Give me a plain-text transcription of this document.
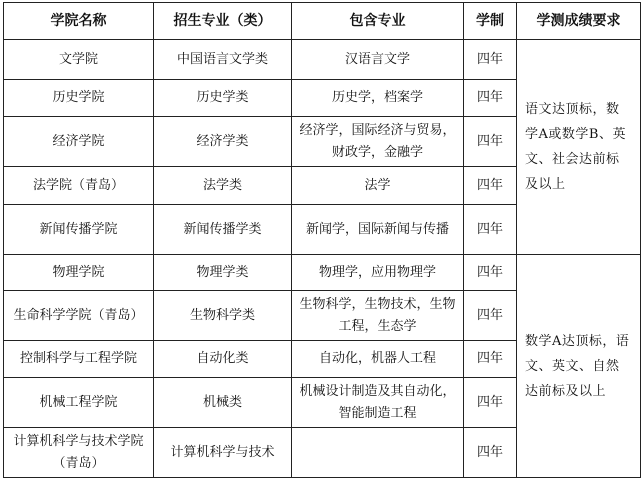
学院名称	招生专业（类）	包含专业	学制	学测成绩要求
文学院	中国语言文学类	汉语言文学	四年	语文达顶标，数学A或数学B、英文、社会达前标及以上
历史学院	历史学类	历史学，档案学	四年	
经济学院	经济学类	经济学，国际经济与贸易，财政学，金融学	四年	
法学院（青岛）	法学类	法学	四年	
新闻传播学院	新闻传播学类	新闻学，国际新闻与传播	四年	
物理学院	物理学类	物理学，应用物理学	四年	数学A达顶标，语文、英文、自然达前标及以上
生命科学学院（青岛）	生物科学类	生物科学，生物技术，生物工程，生态学	四年	
控制科学与工程学院	自动化类	自动化，机器人工程	四年	
机械工程学院	机械类	机械设计制造及其自动化，智能制造工程	四年	
计算机科学与技术学院（青岛）	计算机科学与技术		四年	
